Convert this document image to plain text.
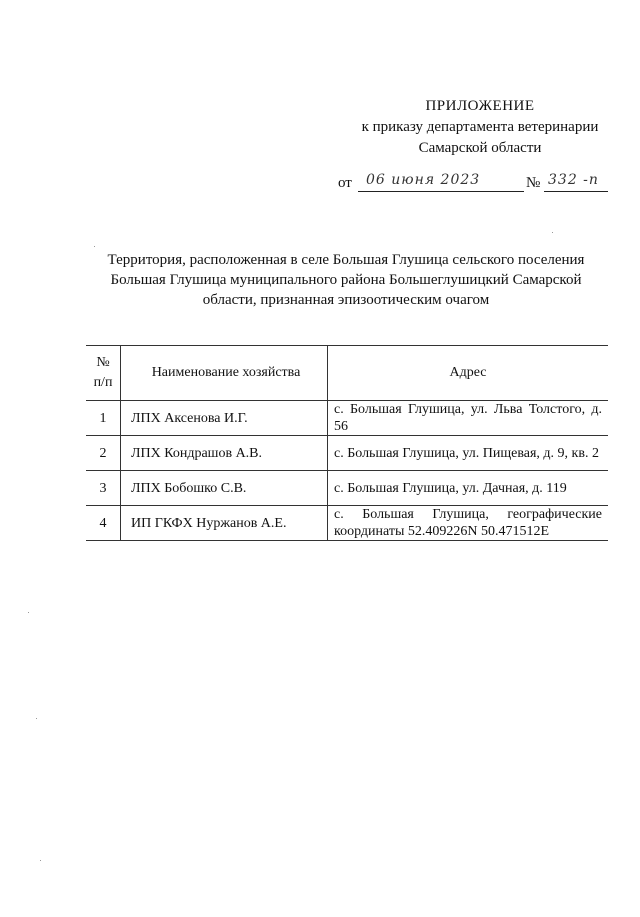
ПРИЛОЖЕНИЕ
к приказу департамента ветеринарии
Самарской области
от 06 июня 2023	№ 332 -п
Территория, расположенная в селе Большая Глушица сельского поселения
Большая Глушица муниципального района Большеглушицкий Самарской
области, признанная эпизоотическим очагом
№
п/п	Наименование хозяйства	Адрес
1	ЛПХ Аксенова И.Г.	с. Большая Глушица, ул. Льва Толстого, д. 56

2	ЛПХ Кондрашов А.В.	с. Большая Глушица, ул. Пищевая, д. 9, кв. 2

3	ЛПХ Бобошко С.В.	с. Большая Глушица, ул. Дачная, д. 119

4	ИП ГКФХ Нуржанов А.Е.	с. Большая Глушица, географические координаты 52.409226N 50.471512E
